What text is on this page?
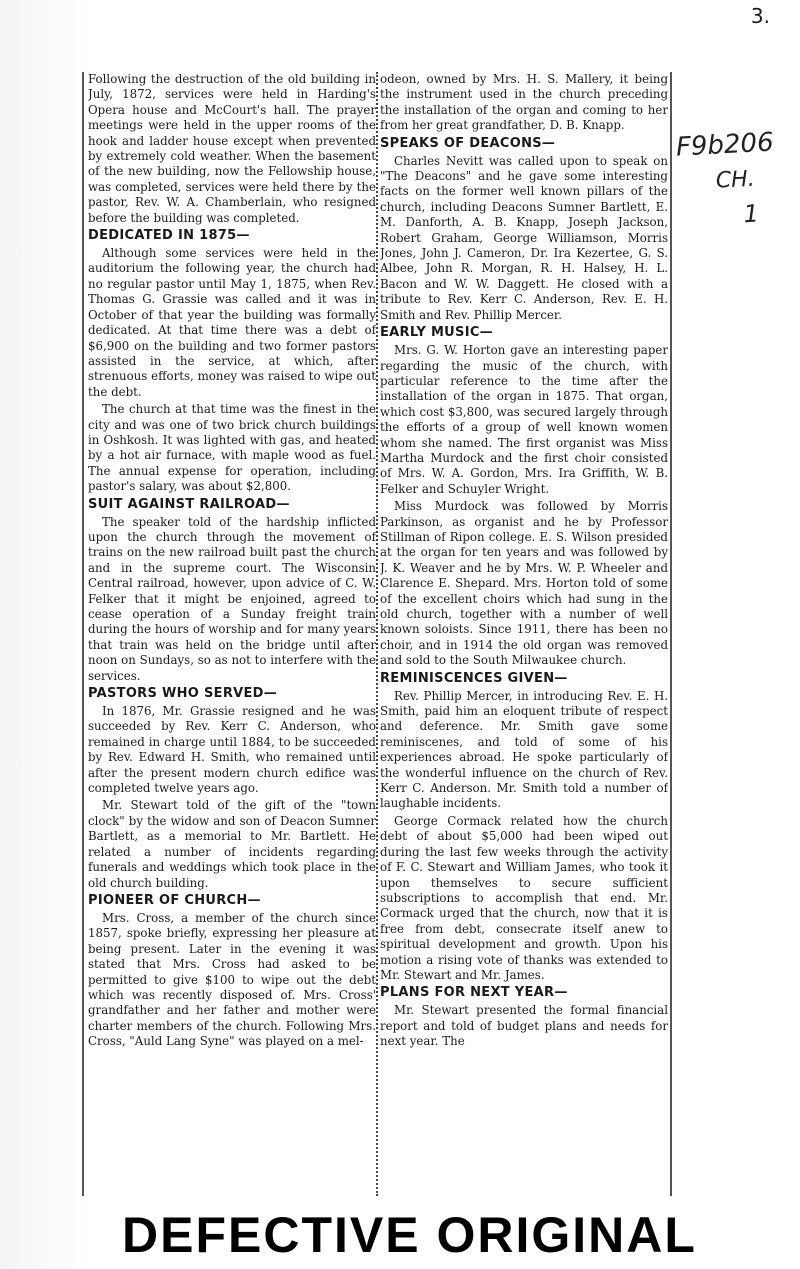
3.
F9b206
CH.
1

Following the destruction of the old building in July, 1872, services were held in Harding's Opera house and McCourt's hall. The prayer meetings were held in the upper rooms of the hook and ladder house except when prevented by extremely cold weather. When the basement of the new building, now the Fellowship house, was completed, services were held there by the pastor, Rev. W. A. Chamberlain, who resigned before the building was completed.

DEDICATED IN 1875—

Although some services were held in the auditorium the following year, the church had no regular pastor until May 1, 1875, when Rev. Thomas G. Grassie was called and it was in October of that year the building was formally dedicated. At that time there was a debt of $6,900 on the building and two former pastors assisted in the service, at which, after strenuous efforts, money was raised to wipe out the debt.

The church at that time was the finest in the city and was one of two brick church buildings in Oshkosh. It was lighted with gas, and heated by a hot air furnace, with maple wood as fuel. The annual expense for operation, including pastor's salary, was about $2,800.

SUIT AGAINST RAILROAD—

The speaker told of the hardship inflicted upon the church through the movement of trains on the new railroad built past the church and in the supreme court. The Wisconsin Central railroad, however, upon advice of C. W. Felker that it might be enjoined, agreed to cease operation of a Sunday freight train during the hours of worship and for many years that train was held on the bridge until after noon on Sundays, so as not to interfere with the services.

PASTORS WHO SERVED—

In 1876, Mr. Grassie resigned and he was succeeded by Rev. Kerr C. Anderson, who remained in charge until 1884, to be succeeded by Rev. Edward H. Smith, who remained until after the present modern church edifice was completed twelve years ago.

Mr. Stewart told of the gift of the "town clock" by the widow and son of Deacon Sumner Bartlett, as a memorial to Mr. Bartlett. He related a number of incidents regarding funerals and weddings which took place in the old church building.

PIONEER OF CHURCH—

Mrs. Cross, a member of the church since 1857, spoke briefly, expressing her pleasure at being present. Later in the evening it was stated that Mrs. Cross had asked to be permitted to give $100 to wipe out the debt which was recently disposed of. Mrs. Cross' grandfather and her father and mother were charter members of the church. Following Mrs. Cross, "Auld Lang Syne" was played on a mel-

odeon, owned by Mrs. H. S. Mallery, it being the instrument used in the church preceding the installation of the organ and coming to her from her great grandfather, D. B. Knapp.

SPEAKS OF DEACONS—

Charles Nevitt was called upon to speak on "The Deacons" and he gave some interesting facts on the former well known pillars of the church, including Deacons Sumner Bartlett, E. M. Danforth, A. B. Knapp, Joseph Jackson, Robert Graham, George Williamson, Morris Jones, John J. Cameron, Dr. Ira Kezertee, G. S. Albee, John R. Morgan, R. H. Halsey, H. L. Bacon and W. W. Daggett. He closed with a tribute to Rev. Kerr C. Anderson, Rev. E. H. Smith and Rev. Phillip Mercer.

EARLY MUSIC—

Mrs. G. W. Horton gave an interesting paper regarding the music of the church, with particular reference to the time after the installation of the organ in 1875. That organ, which cost $3,800, was secured largely through the efforts of a group of well known women whom she named. The first organist was Miss Martha Murdock and the first choir consisted of Mrs. W. A. Gordon, Mrs. Ira Griffith, W. B. Felker and Schuyler Wright.

Miss Murdock was followed by Morris Parkinson, as organist and he by Professor Stillman of Ripon college. E. S. Wilson presided at the organ for ten years and was followed by J. K. Weaver and he by Mrs. W. P. Wheeler and Clarence E. Shepard. Mrs. Horton told of some of the excellent choirs which had sung in the old church, together with a number of well known soloists. Since 1911, there has been no choir, and in 1914 the old organ was removed and sold to the South Milwaukee church.

REMINISCENCES GIVEN—

Rev. Phillip Mercer, in introducing Rev. E. H. Smith, paid him an eloquent tribute of respect and deference. Mr. Smith gave some reminiscenes, and told of some of his experiences abroad. He spoke particularly of the wonderful influence on the church of Rev. Kerr C. Anderson. Mr. Smith told a number of laughable incidents.

George Cormack related how the church debt of about $5,000 had been wiped out during the last few weeks through the activity of F. C. Stewart and William James, who took it upon themselves to secure sufficient subscriptions to accomplish that end. Mr. Cormack urged that the church, now that it is free from debt, consecrate itself anew to spiritual development and growth. Upon his motion a rising vote of thanks was extended to Mr. Stewart and Mr. James.

PLANS FOR NEXT YEAR—

Mr. Stewart presented the formal financial report and told of budget plans and needs for next year. The

DEFECTIVE ORIGINAL
